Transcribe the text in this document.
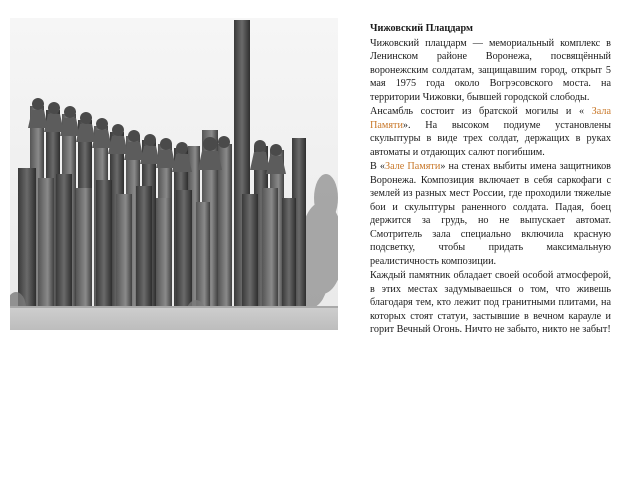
Чижовский Плацдарм
Чижовский плацдарм — мемориальный комплекс в Ленинском районе Воронежа, посвящённый воронежским солдатам, защищавшим город, открыт 5 мая 1975 года около Вогрэсовского моста. на территории Чижовки, бывшей городской слободы.
Ансамбль состоит из братской могилы и « Зала Памяти». На высоком подиуме установлены скульптуры в виде трех солдат, держащих в руках автоматы и отдающих салют погибшим.
В «Зале Памяти» на стенах выбиты имена защитников Воронежа. Композиция включает в себя саркофаги с землей из разных мест России, где проходили тяжелые бои и скульптуры раненного солдата. Падая, боец держится за грудь, но не выпускает автомат. Смотритель зала специально включила красную подсветку, чтобы придать максимальную реалистичность композиции.
Каждый памятник обладает своей особой атмосферой, в этих местах задумываешься о том, что живешь благодаря тем, кто лежит под гранитными плитами, на которых стоят статуи, застывшие в вечном карауле и горит Вечный Огонь. Ничто не забыто, никто не забыт!
